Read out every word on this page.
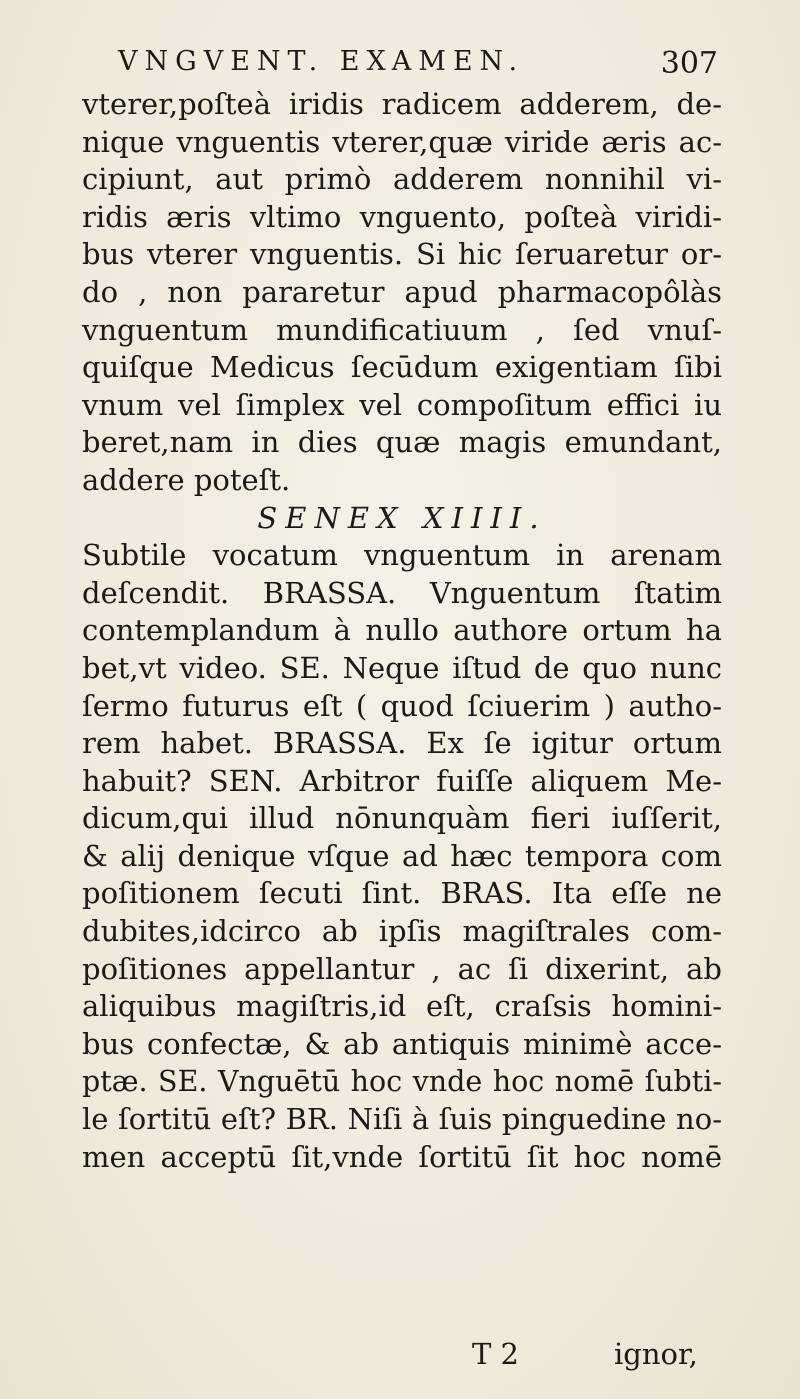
VNGVENT. EXAMEN.	307
vterer,poſteà iridis radicem adderem, de-
nique vnguentis vterer,quæ viride æris ac-
cipiunt, aut primò adderem nonnihil vi-
ridis æris vltimo vnguento, poſteà viridi-
bus vterer vnguentis. Si hic ſeruaretur or-
do , non pararetur apud pharmacopôlàs
vnguentum mundificatiuum , ſed vnuſ-
quiſque Medicus ſecūdum exigentiam ſibi
vnum vel ſimplex vel compoſitum effici iu
beret,nam in dies quæ magis emundant,
addere poteſt.
SENEX XIIII.
Subtile vocatum vnguentum in arenam
deſcendit. BRASSA. Vnguentum ſtatim
contemplandum à nullo authore ortum ha
bet,vt video. SE. Neque iſtud de quo nunc
ſermo futurus eſt ( quod ſciuerim ) autho-
rem habet. BRASSA. Ex ſe igitur ortum
habuit? SEN. Arbitror fuiſſe aliquem Me-
dicum,qui illud nōnunquàm fieri iuſſerit,
& alij denique vſque ad hæc tempora com
poſitionem ſecuti ſint. BRAS. Ita eſſe ne
dubites,idcirco ab ipſis magiſtrales com-
poſitiones appellantur , ac ſi dixerint, ab
aliquibus magiſtris,id eſt, craſsis homini-
bus confectæ, & ab antiquis minimè acce-
ptæ. SE. Vnguētū hoc vnde hoc nomē ſubti-
le ſortitū eſt? BR. Niſi à ſuis pinguedine no-
men acceptū ſit,vnde ſortitū ſit hoc nomē
T 2	ignor,
